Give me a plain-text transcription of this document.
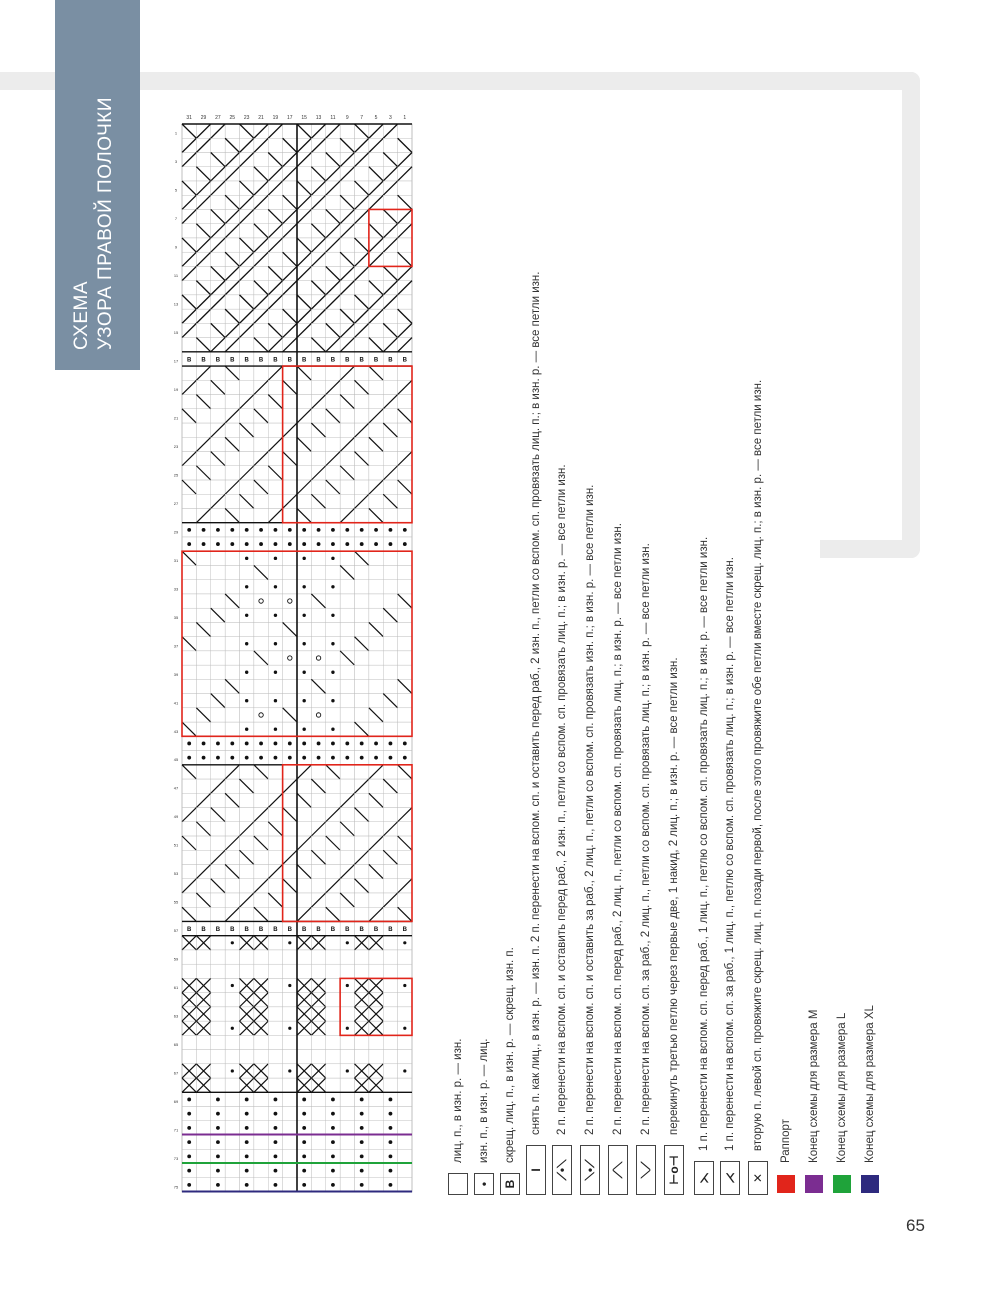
СХЕМА УЗОРА ПРАВОЙ ПОЛОЧКИ	1
3
5
7
9
11
13
15
17
19
21
23
25
27
29
31
1
3
5
7
9
11
13
15
17
19
21
23
25
27
29
31
33
35
37
39
41
43
45
47
49
51
53
55
57
59
61
63
65
67
69
71
73
75
B B B B B B B B B B B B B B B B
B B B B B B B B B B B B B B B B
лиц. п., в изн. р. — изн.
•
изн. п., в изн. р. — лиц.
В
скрещ. лиц. п., в изн. р. — скрещ. изн. п.
I
снять п. как лиц., в изн. р. — изн. п. 2 п. перенести на вспом. сп. и оставить перед раб., 2 изн. п., петли со вспом. сп. провязать лиц. п.; в изн. р. — все петли изн.
⟋•⟍
2 п. перенести на вспом. сп. и оставить перед раб., 2 изн. п., петли со вспом. сп. провязать лиц. п.; в изн. р. — все петли изн.
⟍•⟋
2 п. перенести на вспом. сп. и оставить за раб., 2 лиц. п., петли со вспом. сп. провязать изн. п.; в изн. р. — все петли изн.
⟋⟍
2 п. перенести на вспом. сп. перед раб., 2 лиц. п., петли со вспом. сп. провязать лиц. п.; в изн. р. — все петли изн.
⟍⟋
2 п. перенести на вспом. сп. за раб., 2 лиц. п., петли со вспом. сп. провязать лиц. п.; в изн. р. — все петли изн.
⊢o⊣
перекинуть третью петлю через первые две, 1 накид, 2 лиц. п.; в изн. р. — все петли изн.
⋋
1 п. перенести на вспом. сп. перед раб., 1 лиц. п., петлю со вспом. сп. провязать лиц. п.; в изн. р. — все петли изн.
⋌
1 п. перенести на вспом. сп. за раб., 1 лиц. п., петлю со вспом. сп. провязать лиц. п.; в изн. р. — все петли изн.
✕
вторую п. левой сп. провяжите скрещ. лиц. п. позади первой, после этого провяжите обе петли вместе скрещ. лиц. п.; в изн. р. — все петли изн. Раппорт Конец схемы для размера M Конец схемы для размера L Конец схемы для размера XL
65
